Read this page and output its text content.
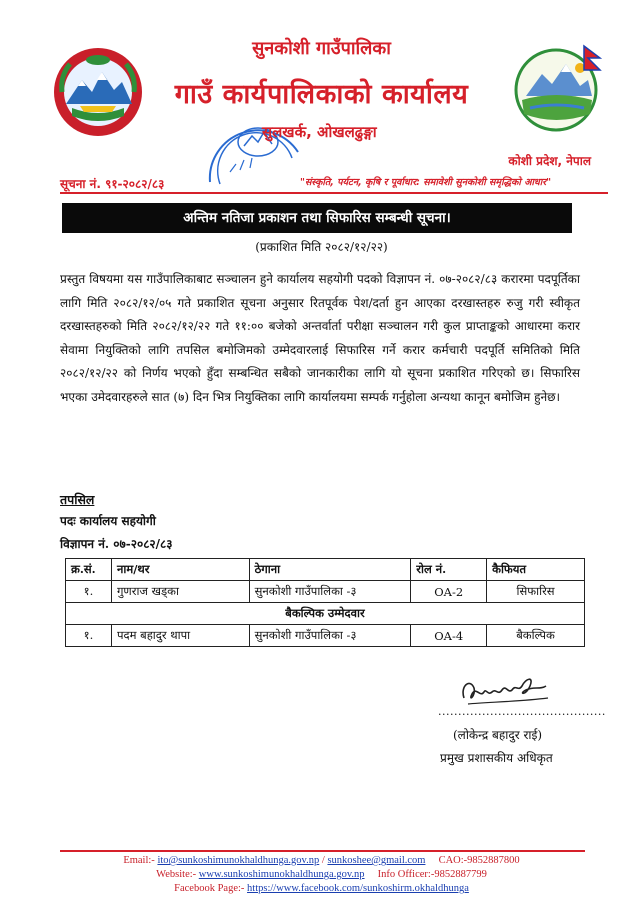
सुनकोशी गाउँपालिका
गाउँ कार्यपालिकाको कार्यालय
सुलखर्क, ओखलढुङ्गा
कोशी प्रदेश, नेपाल
सूचना नं. ९१-२०८२/८३	"संस्कृति, पर्यटन, कृषि र पूर्वाधार: समावेशी सुनकोशी समृद्धिको आधार"
अन्तिम नतिजा प्रकाशन तथा सिफारिस सम्बन्धी सूचना।
(प्रकाशित मिति २०८२/१२/२२)
प्रस्तुत विषयमा यस गाउँपालिकाबाट सञ्चालन हुने कार्यालय सहयोगी पदको विज्ञापन नं. ०७-२०८२/८३ करारमा पदपूर्तिका लागि मिति २०८२/१२/०५ गते प्रकाशित सूचना अनुसार रितपूर्वक पेश/दर्ता हुन आएका दरखास्तहरु रुजु गरी स्वीकृत दरखास्तहरुको मिति २०८२/१२/२२ गते ११:०० बजेको अन्तर्वार्ता परीक्षा सञ्चालन गरी कुल प्राप्ताङ्कको आधारमा करार सेवामा नियुक्तिको लागि तपसिल बमोजिमको उम्मेदवारलाई सिफारिस गर्ने करार कर्मचारी पदपूर्ति समितिको मिति २०८२/१२/२२ को निर्णय भएको हुँदा सम्बन्धित सबैको जानकारीका लागि यो सूचना प्रकाशित गरिएको छ। सिफारिस भएका उमेदवारहरुले सात (७) दिन भित्र नियुक्तिका लागि कार्यालयमा सम्पर्क गर्नुहोला अन्यथा कानून बमोजिम हुनेछ।
तपसिल
पदः कार्यालय सहयोगी
विज्ञापन नं. ०७-२०८२/८३
क्र.सं.	नाम/थर	ठेगाना	रोल नं.	कैफियत
१.	गुणराज खड्का	सुनकोशी गाउँपालिका -३	OA-2	सिफारिस
बैकल्पिक उम्मेदवार				
१.	पदम बहादुर थापा	सुनकोशी गाउँपालिका -३	OA-4	बैकल्पिक
..........................................
(लोकेन्द्र बहादुर राई)
प्रमुख प्रशासकीय अधिकृत
Email:- ito@sunkoshimunokhaldhunga.gov.np / sunkoshee@gmail.com     CAO:-9852887800
Website:- www.sunkoshimunokhaldhunga.gov.np     Info Officer:-9852887799
Facebook Page:- https://www.facebook.com/sunkoshirm.okhaldhunga
